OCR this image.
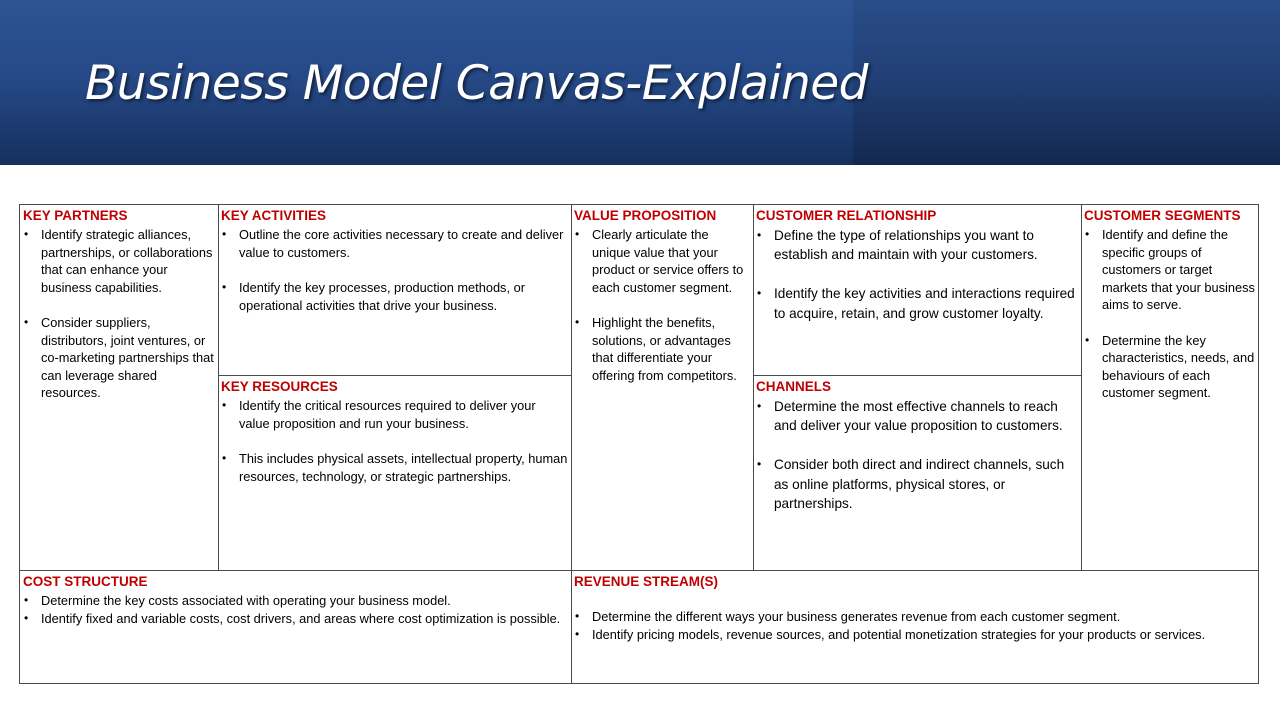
Business Model Canvas-Explained
KEY PARTNERS
• Identify strategic alliances, partnerships, or collaborations that can enhance your business capabilities.
• Consider suppliers, distributors, joint ventures, or co-marketing partnerships that can leverage shared resources.
KEY ACTIVITIES
• Outline the core activities necessary to create and deliver value to customers.
• Identify the key processes, production methods, or operational activities that drive your business.
KEY RESOURCES
• Identify the critical resources required to deliver your value proposition and run your business.
• This includes physical assets, intellectual property, human resources, technology, or strategic partnerships.
VALUE PROPOSITION
• Clearly articulate the unique value that your product or service offers to each customer segment.
• Highlight the benefits, solutions, or advantages that differentiate your offering from competitors.
CUSTOMER RELATIONSHIP
• Define the type of relationships you want to establish and maintain with your customers.
• Identify the key activities and interactions required to acquire, retain, and grow customer loyalty.
CHANNELS
• Determine the most effective channels to reach and deliver your value proposition to customers.
• Consider both direct and indirect channels, such as online platforms, physical stores, or partnerships.
CUSTOMER SEGMENTS
• Identify and define the specific groups of customers or target markets that your business aims to serve.
• Determine the key characteristics, needs, and behaviours of each customer segment.
COST STRUCTURE
• Determine the key costs associated with operating your business model.
• Identify fixed and variable costs, cost drivers, and areas where cost optimization is possible.
REVENUE STREAM(S)
• Determine the different ways your business generates revenue from each customer segment.
• Identify pricing models, revenue sources, and potential monetization strategies for your products or services.
